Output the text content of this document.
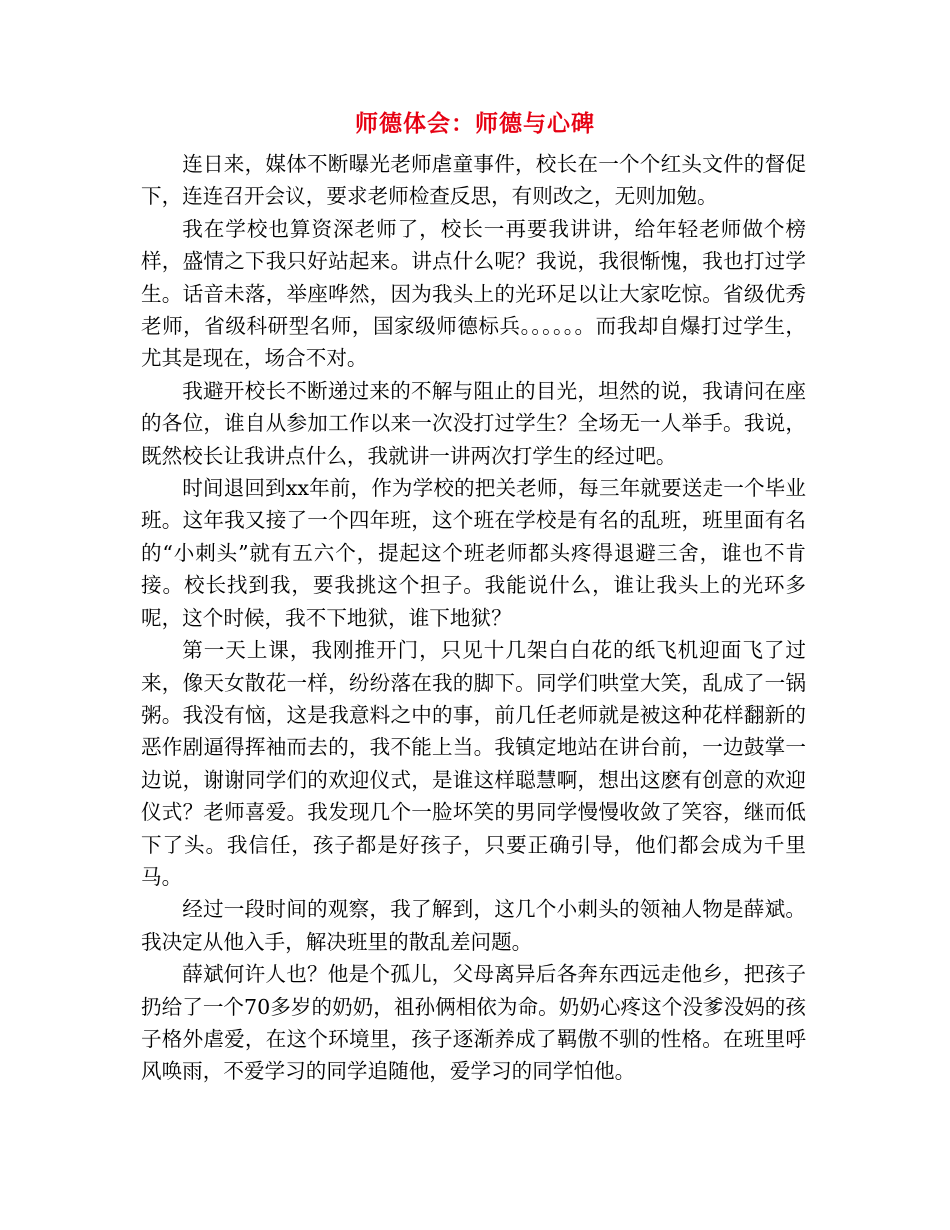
师德体会：师德与心碑

连日来，媒体不断曝光老师虐童事件，校长在一个个红头文件的督促下，连连召开会议，要求老师检查反思，有则改之，无则加勉。

我在学校也算资深老师了，校长一再要我讲讲，给年轻老师做个榜样，盛情之下我只好站起来。讲点什么呢？我说，我很惭愧，我也打过学生。话音未落，举座哗然，因为我头上的光环足以让大家吃惊。省级优秀老师，省级科研型名师，国家级师德标兵。。。。。。而我却自爆打过学生，尤其是现在，场合不对。

我避开校长不断递过来的不解与阻止的目光，坦然的说，我请问在座的各位，谁自从参加工作以来一次没打过学生？全场无一人举手。我说，既然校长让我讲点什么，我就讲一讲两次打学生的经过吧。

时间退回到xx年前，作为学校的把关老师，每三年就要送走一个毕业班。这年我又接了一个四年班，这个班在学校是有名的乱班，班里面有名的“小刺头”就有五六个，提起这个班老师都头疼得退避三舍，谁也不肯接。校长找到我，要我挑这个担子。我能说什么，谁让我头上的光环多呢，这个时候，我不下地狱，谁下地狱？

第一天上课，我刚推开门，只见十几架白白花的纸飞机迎面飞了过来，像天女散花一样，纷纷落在我的脚下。同学们哄堂大笑，乱成了一锅粥。我没有恼，这是我意料之中的事，前几任老师就是被这种花样翻新的恶作剧逼得挥袖而去的，我不能上当。我镇定地站在讲台前，一边鼓掌一边说，谢谢同学们的欢迎仪式，是谁这样聪慧啊，想出这麽有创意的欢迎仪式？老师喜爱。我发现几个一脸坏笑的男同学慢慢收敛了笑容，继而低下了头。我信任，孩子都是好孩子，只要正确引导，他们都会成为千里马。

经过一段时间的观察，我了解到，这几个小刺头的领袖人物是薛斌。我决定从他入手，解决班里的散乱差问题。

薛斌何许人也？他是个孤儿，父母离异后各奔东西远走他乡，把孩子扔给了一个70多岁的奶奶，祖孙俩相依为命。奶奶心疼这个没爹没妈的孩子格外虐爱，在这个环境里，孩子逐渐养成了羁傲不驯的性格。在班里呼风唤雨，不爱学习的同学追随他，爱学习的同学怕他。
